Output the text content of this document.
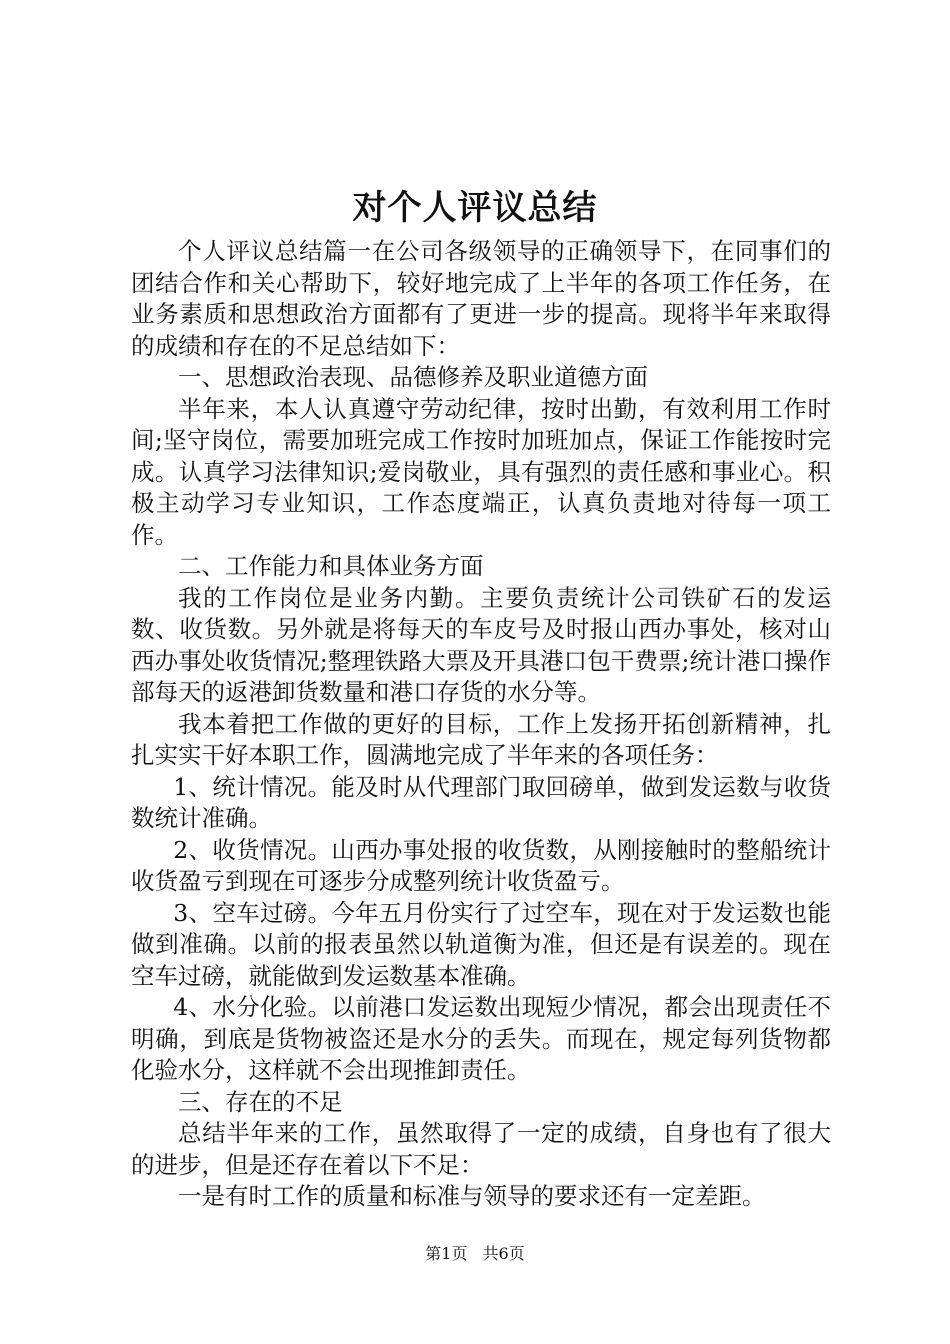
对个人评议总结

个人评议总结篇一在公司各级领导的正确领导下，在同事们的团结合作和关心帮助下，较好地完成了上半年的各项工作任务，在业务素质和思想政治方面都有了更进一步的提高。现将半年来取得的成绩和存在的不足总结如下：

一、思想政治表现、品德修养及职业道德方面

半年来，本人认真遵守劳动纪律，按时出勤，有效利用工作时间;坚守岗位，需要加班完成工作按时加班加点，保证工作能按时完成。认真学习法律知识;爱岗敬业，具有强烈的责任感和事业心。积极主动学习专业知识，工作态度端正，认真负责地对待每一项工作。

二、工作能力和具体业务方面

我的工作岗位是业务内勤。主要负责统计公司铁矿石的发运数、收货数。另外就是将每天的车皮号及时报山西办事处，核对山西办事处收货情况;整理铁路大票及开具港口包干费票;统计港口操作部每天的返港卸货数量和港口存货的水分等。

我本着把工作做的更好的目标，工作上发扬开拓创新精神，扎扎实实干好本职工作，圆满地完成了半年来的各项任务：

1、统计情况。能及时从代理部门取回磅单，做到发运数与收货数统计准确。

2、收货情况。山西办事处报的收货数，从刚接触时的整船统计收货盈亏到现在可逐步分成整列统计收货盈亏。

3、空车过磅。今年五月份实行了过空车，现在对于发运数也能做到准确。以前的报表虽然以轨道衡为准，但还是有误差的。现在空车过磅，就能做到发运数基本准确。

4、水分化验。以前港口发运数出现短少情况，都会出现责任不明确，到底是货物被盗还是水分的丢失。而现在，规定每列货物都化验水分，这样就不会出现推卸责任。

三、存在的不足

总结半年来的工作，虽然取得了一定的成绩，自身也有了很大的进步，但是还存在着以下不足：

一是有时工作的质量和标准与领导的要求还有一定差距。

第1页 共6页
